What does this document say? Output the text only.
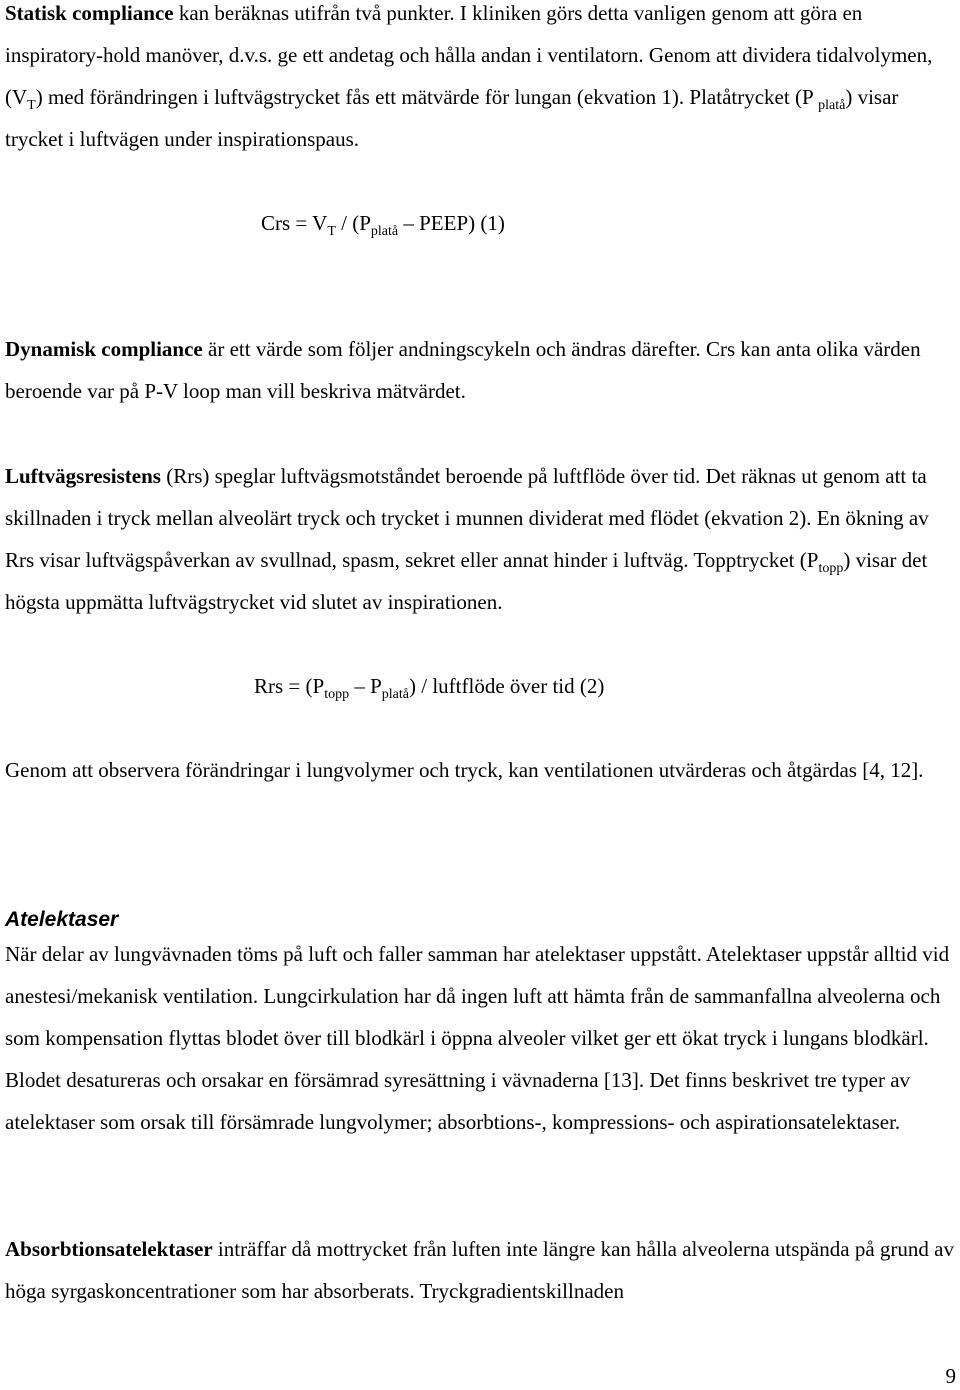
Statisk compliance kan beräknas utifrån två punkter. I kliniken görs detta vanligen genom att göra en inspiratory-hold manöver, d.v.s. ge ett andetag och hålla andan i ventilatorn. Genom att dividera tidalvolymen, $(V_T)$ med förändringen i luftvägstrycket fås ett mätvärde för lungan (ekvation 1). Platåtrycket (P $_{platå}$) visar trycket i luftvägen under inspirationspaus.

Crs = $V_T / (P_{platå}$ – PEEP) (1)

Dynamisk compliance är ett värde som följer andningscykeln och ändras därefter. Crs kan anta olika värden beroende var på P-V loop man vill beskriva mätvärdet.

Luftvägsresistens (Rrs) speglar luftvägsmotståndet beroende på luftflöde över tid. Det räknas ut genom att ta skillnaden i tryck mellan alveolärt tryck och trycket i munnen dividerat med flödet (ekvation 2). En ökning av Rrs visar luftvägspåverkan av svullnad, spasm, sekret eller annat hinder i luftväg. Topptrycket $(P_{topp})$ visar det högsta uppmätta luftvägstrycket vid slutet av inspirationen.

Rrs = $(P_{topp} - P_{platå})$ / luftflöde över tid (2)

Genom att observera förändringar i lungvolymer och tryck, kan ventilationen utvärderas och åtgärdas [4, 12].

Atelektaser

När delar av lungvävnaden töms på luft och faller samman har atelektaser uppstått. Atelektaser uppstår alltid vid anestesi/mekanisk ventilation. Lungcirkulation har då ingen luft att hämta från de sammanfallna alveolerna och som kompensation flyttas blodet över till blodkärl i öppna alveoler vilket ger ett ökat tryck i lungans blodkärl. Blodet desatureras och orsakar en försämrad syresättning i vävnaderna [13]. Det finns beskrivet tre typer av atelektaser som orsak till försämrade lungvolymer; absorbtions-, kompressions- och aspirationsatelektaser.

Absorbtionsatelektaser inträffar då mottrycket från luften inte längre kan hålla alveolerna utspända på grund av höga syrgaskoncentrationer som har absorberats. Tryckgradientskillnaden

9
